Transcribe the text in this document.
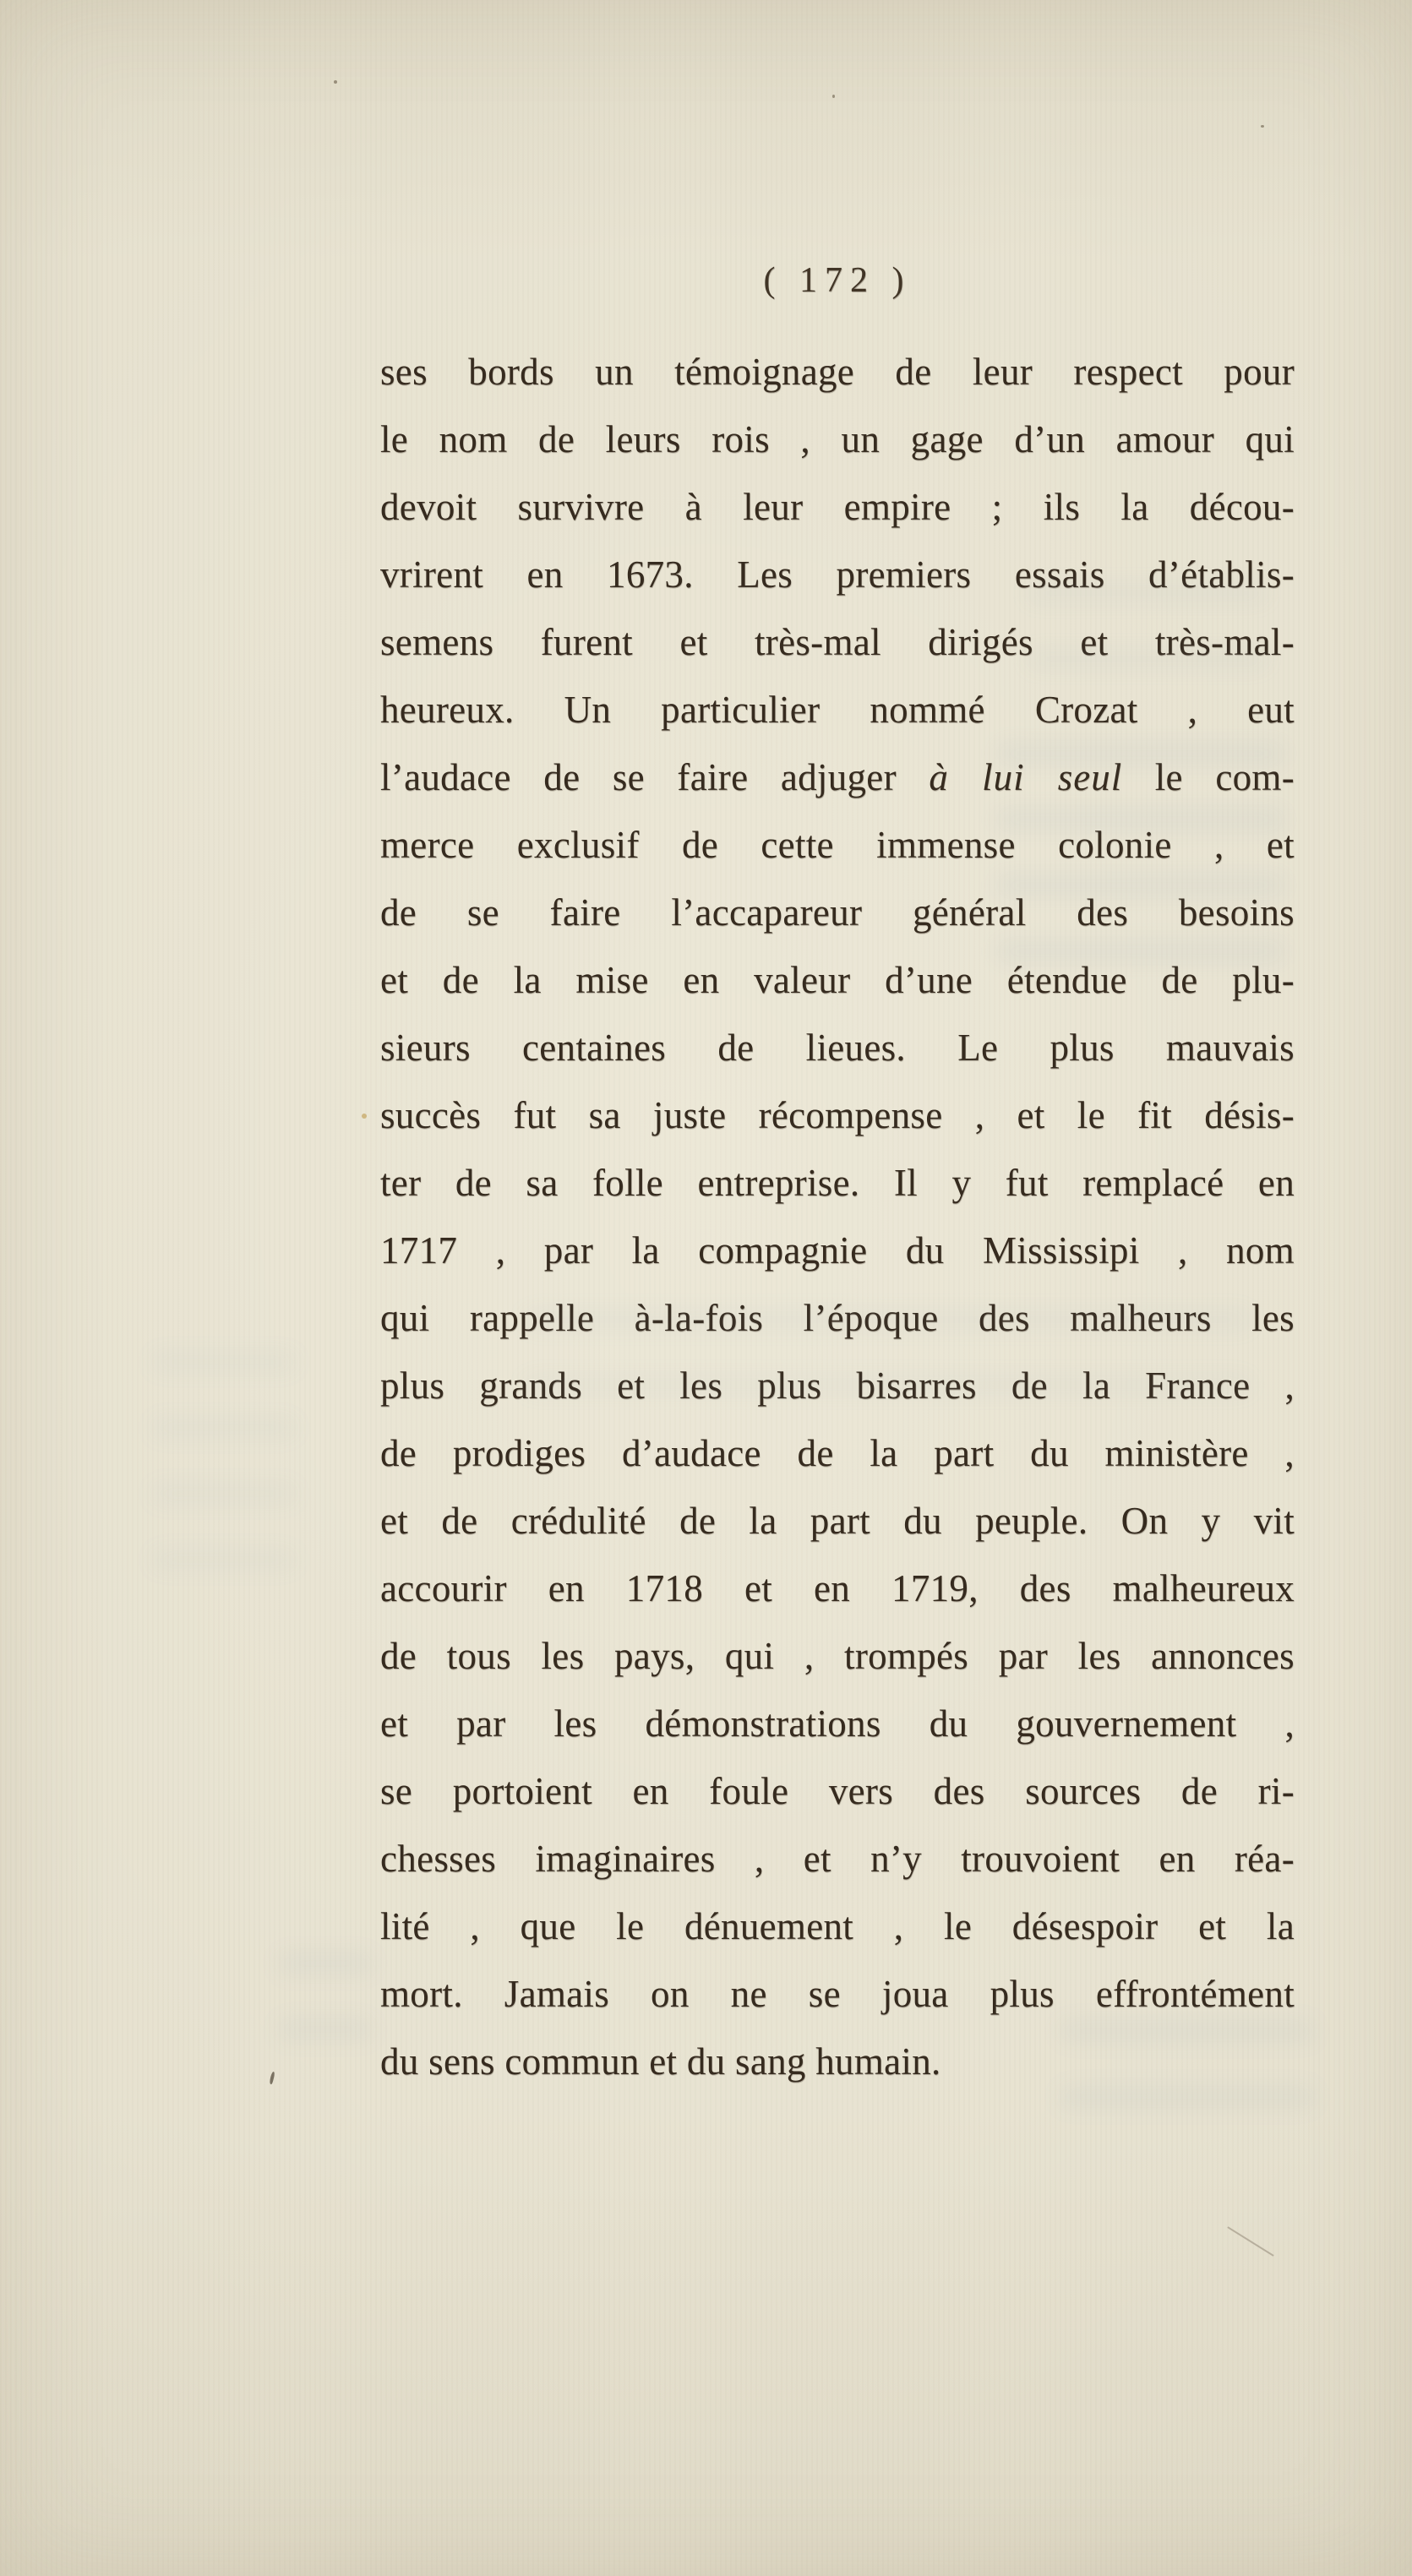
( 172 )
ses bords un témoignage de leur respect pour
le nom de leurs rois , un gage d’un amour qui
devoit survivre à leur empire ; ils la décou-
vrirent en 1673. Les premiers essais d’établis-
semens furent et très-mal dirigés et très-mal-
heureux. Un particulier nommé Crozat , eut
l’audace de se faire adjuger à lui seul le com-
merce exclusif de cette immense colonie , et
de se faire l’accapareur général des besoins
et de la mise en valeur d’une étendue de plu-
sieurs centaines de lieues. Le plus mauvais
succès fut sa juste récompense , et le fit désis-
ter de sa folle entreprise. Il y fut remplacé en
1717 , par la compagnie du Mississipi , nom
qui rappelle à-la-fois l’époque des malheurs les
plus grands et les plus bisarres de la France ,
de prodiges d’audace de la part du ministère ,
et de crédulité de la part du peuple. On y vit
accourir en 1718 et en 1719, des malheureux
de tous les pays, qui , trompés par les annonces
et par les démonstrations du gouvernement ,
se portoient en foule vers des sources de ri-
chesses imaginaires , et n’y trouvoient en réa-
lité , que le dénuement , le désespoir et la
mort. Jamais on ne se joua plus effrontément
du sens commun et du sang humain.
